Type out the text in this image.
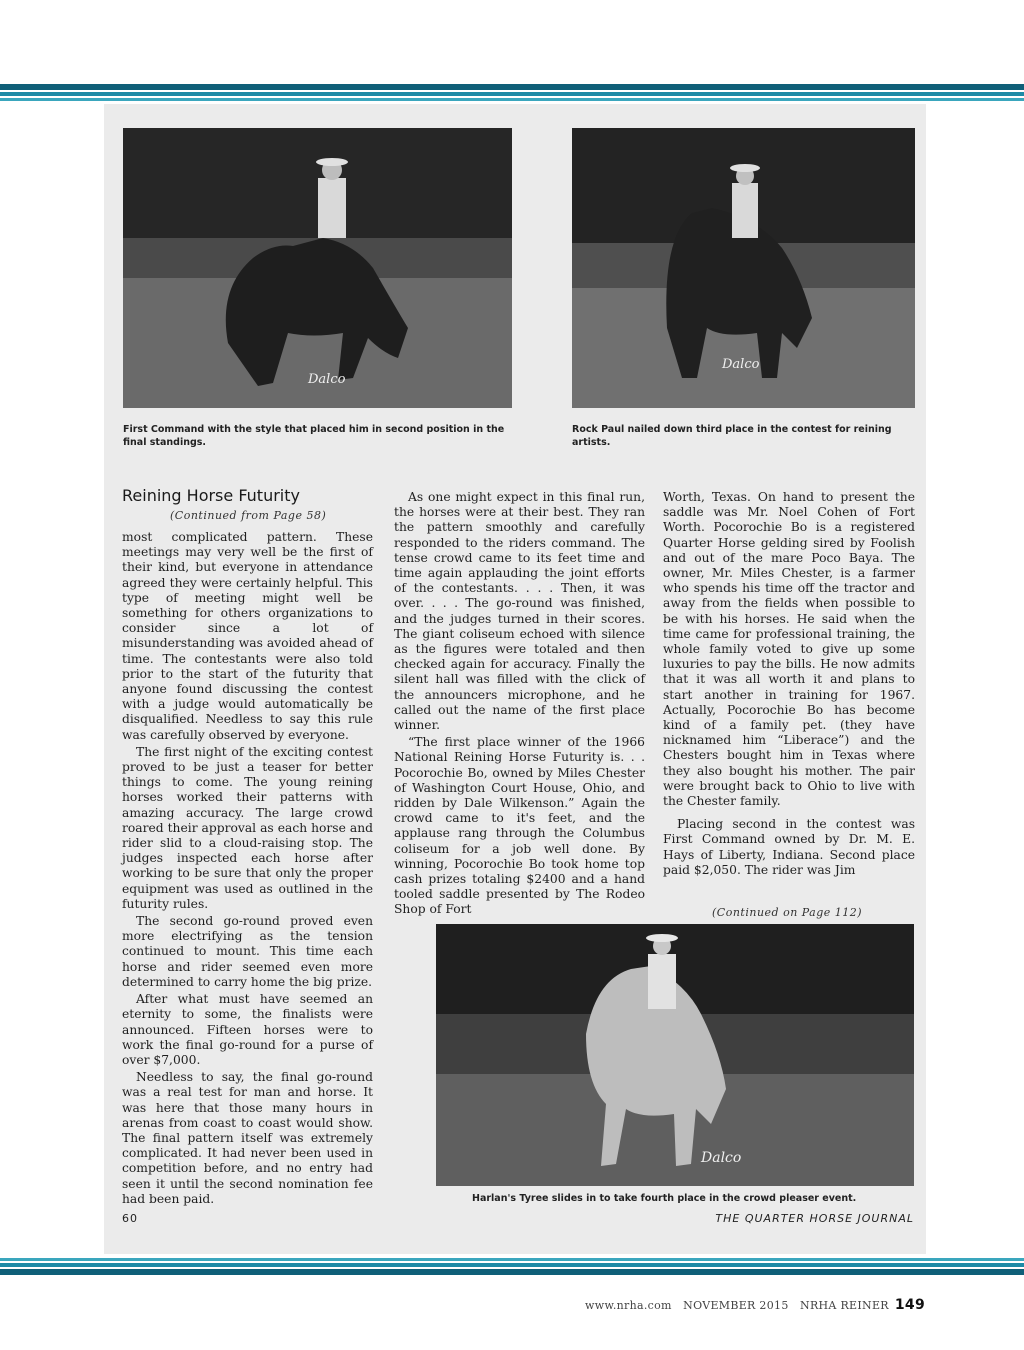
Dalco
First Command with the style that placed him in second position in the final standings.
Dalco
Rock Paul nailed down third place in the contest for reining artists.
Reining Horse Futurity
(Continued from Page 58)

most complicated pattern. These meetings may very well be the first of their kind, but everyone in attendance agreed they were certainly helpful. This type of meeting might well be something for others organizations to consider since a lot of misunderstanding was avoided ahead of time. The contestants were also told prior to the start of the futurity that anyone found discussing the contest with a judge would automatically be disqualified. Needless to say this rule was carefully observed by everyone.

The first night of the exciting contest proved to be just a teaser for better things to come. The young reining horses worked their patterns with amazing accuracy. The large crowd roared their approval as each horse and rider slid to a cloud-raising stop. The judges inspected each horse after working to be sure that only the proper equipment was used as outlined in the futurity rules.

The second go-round proved even more electrifying as the tension continued to mount. This time each horse and rider seemed even more determined to carry home the big prize.

After what must have seemed an eternity to some, the finalists were announced. Fifteen horses were to work the final go-round for a purse of over $7,000.

Needless to say, the final go-round was a real test for man and horse. It was here that those many hours in arenas from coast to coast would show. The final pattern itself was extremely complicated. It had never been used in competition before, and no entry had seen it until the second nomination fee had been paid.

As one might expect in this final run, the horses were at their best. They ran the pattern smoothly and carefully responded to the riders command. The tense crowd came to its feet time and time again applauding the joint efforts of the contestants. . . . Then, it was over. . . . The go-round was finished, and the judges turned in their scores. The giant coliseum echoed with silence as the figures were totaled and then checked again for accuracy. Finally the silent hall was filled with the click of the announcers microphone, and he called out the name of the first place winner.

“The first place winner of the 1966 National Reining Horse Futurity is. . . Pocorochie Bo, owned by Miles Chester of Washington Court House, Ohio, and ridden by Dale Wilkenson.” Again the crowd came to it's feet, and the applause rang through the Columbus coliseum for a job well done. By winning, Pocorochie Bo took home top cash prizes totaling $2400 and a hand tooled saddle presented by The Rodeo Shop of Fort

Worth, Texas. On hand to present the saddle was Mr. Noel Cohen of Fort Worth. Pocorochie Bo is a registered Quarter Horse gelding sired by Foolish and out of the mare Poco Baya. The owner, Mr. Miles Chester, is a farmer who spends his time off the tractor and away from the fields when possible to be with his horses. He said when the time came for professional training, the whole family voted to give up some luxuries to pay the bills. He now admits that it was all worth it and plans to start another in training for 1967. Actually, Pocorochie Bo has become kind of a family pet. (they have nicknamed him “Liberace”) and the Chesters bought him in Texas where they also bought his mother. The pair were brought back to Ohio to live with the Chester family.

Placing second in the contest was First Command owned by Dr. M. E. Hays of Liberty, Indiana. Second place paid $2,050. The rider was Jim

(Continued on Page 112)
Dalco
Harlan's Tyree slides in to take fourth place in the crowd pleaser event.
60	THE QUARTER HORSE JOURNAL
www.nrha.com NOVEMBER 2015 NRHA REINER 149
